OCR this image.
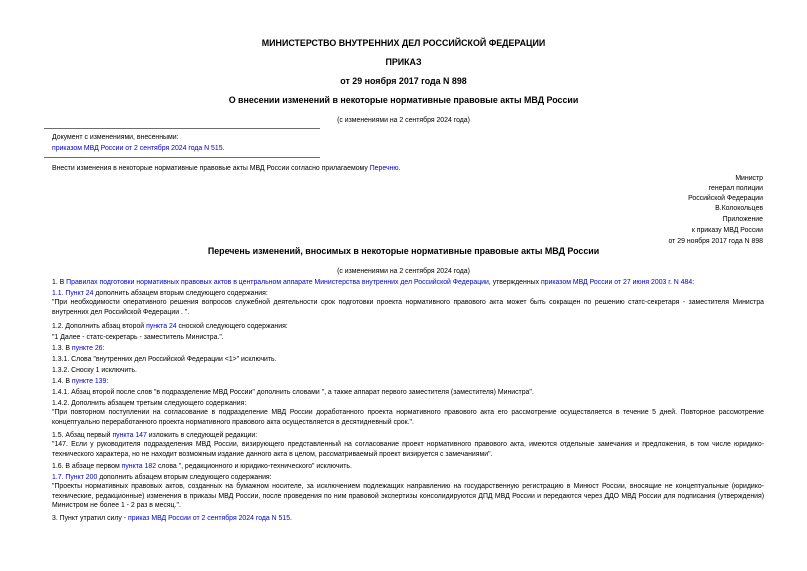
МИНИСТЕРСТВО ВНУТРЕННИХ ДЕЛ РОССИЙСКОЙ ФЕДЕРАЦИИ
ПРИКАЗ
от 29 ноября 2017 года N 898
О внесении изменений в некоторые нормативные правовые акты МВД России
(с изменениями на 2 сентября 2024 года)
Документ с изменениями, внесенными:
приказом МВД России от 2 сентября 2024 года N 515.
Внести изменения в некоторые нормативные правовые акты МВД России согласно прилагаемому Перечню.
Министр
генерал полиции
Российской Федерации
В.Колокольцев
Приложение
к приказу МВД России
от 29 ноября 2017 года N 898
Перечень изменений, вносимых в некоторые нормативные правовые акты МВД России
(с изменениями на 2 сентября 2024 года)
1. В Правилах подготовки нормативных правовых актов в центральном аппарате Министерства внутренних дел Российской Федерации, утвержденных приказом МВД России от 27 июня 2003 г. N 484:
1.1. Пункт 24 дополнить абзацем вторым следующего содержания:
"При необходимости оперативного решения вопросов служебной деятельности срок подготовки проекта нормативного правового акта может быть сокращен по решению статс-секретаря - заместителя Министра внутренних дел Российской Федерации . ".
1.2. Дополнить абзац второй пункта 24 сноской следующего содержания:
"1 Далее - статс-секретарь - заместитель Министра.".
1.3. В пункте 26:
1.3.1. Слова "внутренних дел Российской Федерации <1>" исключить.
1.3.2. Сноску 1 исключить.
1.4. В пункте 139:
1.4.1. Абзац второй после слов "в подразделение МВД России" дополнить словами ", а также аппарат первого заместителя (заместителя) Министра".
1.4.2. Дополнить абзацем третьим следующего содержания:
"При повторном поступлении на согласование в подразделение МВД России доработанного проекта нормативного правового акта его рассмотрение осуществляется в течение 5 дней. Повторное рассмотрение концептуально переработанного проекта нормативного правового акта осуществляется в десятидневный срок.".
1.5. Абзац первый пункта 147 изложить в следующей редакции:
"147. Если у руководителя подразделения МВД России, визирующего представленный на согласование проект нормативного правового акта, имеются отдельные замечания и предложения, в том числе юридико-технического характера, но не находит возможным издание данного акта в целом, рассматриваемый проект визируется с замечаниями".
1.6. В абзаце первом пункта 182 слова ", редакционного и юридико-технического" исключить.
1.7. Пункт 200 дополнить абзацем вторым следующего содержания:
"Проекты нормативных правовых актов, созданных на бумажном носителе, за исключением подлежащих направлению на государственную регистрацию в Минюст России, вносящие не концептуальные (юридико-технические, редакционные) изменения в приказы МВД России, после проведения по ним правовой экспертизы консолидируются ДПД МВД России и передаются через ДДО МВД России для подписания (утверждения) Министром не более 1 - 2 раз в месяц.".
3. Пункт утратил силу - приказ МВД России от 2 сентября 2024 года N 515.
